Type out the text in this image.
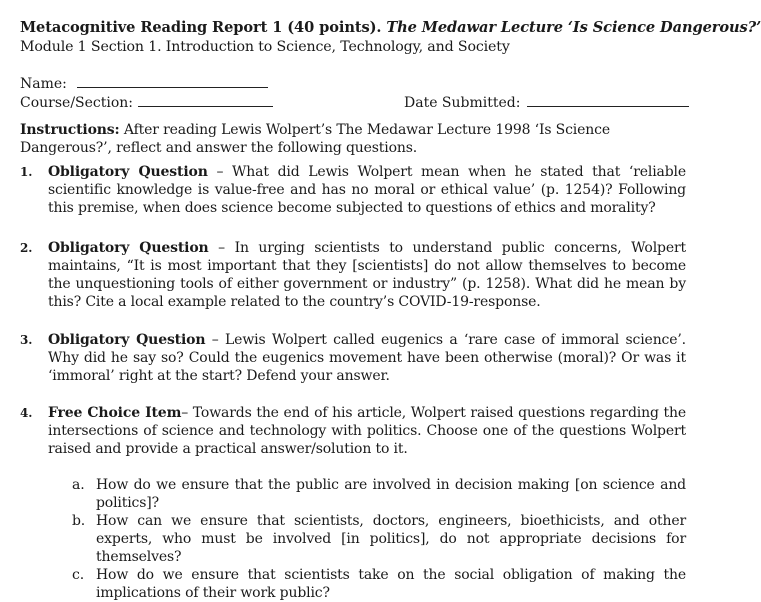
Metacognitive Reading Report 1 (40 points). The Medawar Lecture ‘Is Science Dangerous?’
Module 1 Section 1. Introduction to Science, Technology, and Society
Name:
Course/Section:	Date Submitted:
Instructions: After reading Lewis Wolpert’s The Medawar Lecture 1998 ‘Is Science Dangerous?’, reflect and answer the following questions.
1. Obligatory Question – What did Lewis Wolpert mean when he stated that ‘reliable scientific knowledge is value-free and has no moral or ethical value’ (p. 1254)? Following this premise, when does science become subjected to questions of ethics and morality?
2. Obligatory Question – In urging scientists to understand public concerns, Wolpert maintains, “It is most important that they [scientists] do not allow themselves to become the unquestioning tools of either government or industry” (p. 1258). What did he mean by this? Cite a local example related to the country’s COVID-19-response.
3. Obligatory Question – Lewis Wolpert called eugenics a ‘rare case of immoral science’. Why did he say so? Could the eugenics movement have been otherwise (moral)? Or was it ‘immoral’ right at the start? Defend your answer.
4. Free Choice Item– Towards the end of his article, Wolpert raised questions regarding the intersections of science and technology with politics. Choose one of the questions Wolpert raised and provide a practical answer/solution to it.
a. How do we ensure that the public are involved in decision making [on science and politics]?
b. How can we ensure that scientists, doctors, engineers, bioethicists, and other experts, who must be involved [in politics], do not appropriate decisions for themselves?
c. How do we ensure that scientists take on the social obligation of making the implications of their work public?
